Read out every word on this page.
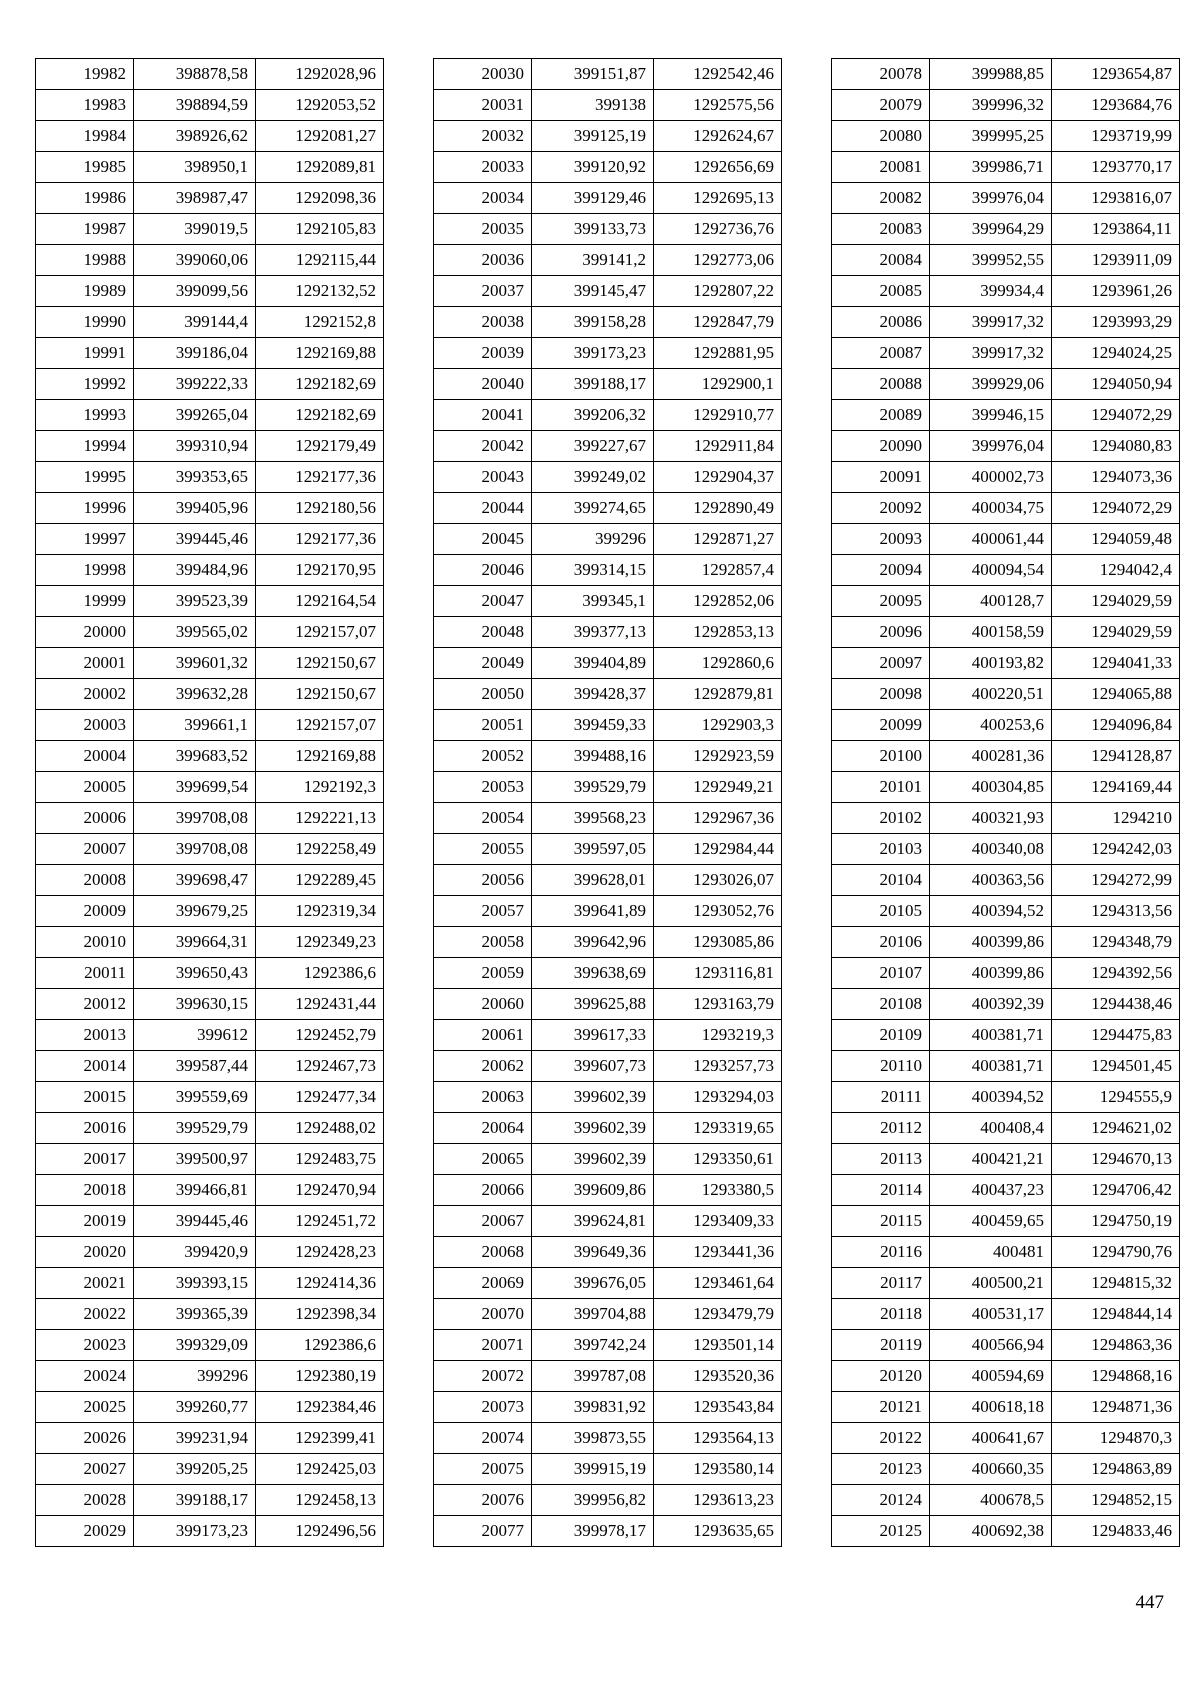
19982	398878,58	1292028,96
19983	398894,59	1292053,52
19984	398926,62	1292081,27
19985	398950,1	1292089,81
19986	398987,47	1292098,36
19987	399019,5	1292105,83
19988	399060,06	1292115,44
19989	399099,56	1292132,52
19990	399144,4	1292152,8
19991	399186,04	1292169,88
19992	399222,33	1292182,69
19993	399265,04	1292182,69
19994	399310,94	1292179,49
19995	399353,65	1292177,36
19996	399405,96	1292180,56
19997	399445,46	1292177,36
19998	399484,96	1292170,95
19999	399523,39	1292164,54
20000	399565,02	1292157,07
20001	399601,32	1292150,67
20002	399632,28	1292150,67
20003	399661,1	1292157,07
20004	399683,52	1292169,88
20005	399699,54	1292192,3
20006	399708,08	1292221,13
20007	399708,08	1292258,49
20008	399698,47	1292289,45
20009	399679,25	1292319,34
20010	399664,31	1292349,23
20011	399650,43	1292386,6
20012	399630,15	1292431,44
20013	399612	1292452,79
20014	399587,44	1292467,73
20015	399559,69	1292477,34
20016	399529,79	1292488,02
20017	399500,97	1292483,75
20018	399466,81	1292470,94
20019	399445,46	1292451,72
20020	399420,9	1292428,23
20021	399393,15	1292414,36
20022	399365,39	1292398,34
20023	399329,09	1292386,6
20024	399296	1292380,19
20025	399260,77	1292384,46
20026	399231,94	1292399,41
20027	399205,25	1292425,03
20028	399188,17	1292458,13
20029	399173,23	1292496,56
20030	399151,87	1292542,46
20031	399138	1292575,56
20032	399125,19	1292624,67
20033	399120,92	1292656,69
20034	399129,46	1292695,13
20035	399133,73	1292736,76
20036	399141,2	1292773,06
20037	399145,47	1292807,22
20038	399158,28	1292847,79
20039	399173,23	1292881,95
20040	399188,17	1292900,1
20041	399206,32	1292910,77
20042	399227,67	1292911,84
20043	399249,02	1292904,37
20044	399274,65	1292890,49
20045	399296	1292871,27
20046	399314,15	1292857,4
20047	399345,1	1292852,06
20048	399377,13	1292853,13
20049	399404,89	1292860,6
20050	399428,37	1292879,81
20051	399459,33	1292903,3
20052	399488,16	1292923,59
20053	399529,79	1292949,21
20054	399568,23	1292967,36
20055	399597,05	1292984,44
20056	399628,01	1293026,07
20057	399641,89	1293052,76
20058	399642,96	1293085,86
20059	399638,69	1293116,81
20060	399625,88	1293163,79
20061	399617,33	1293219,3
20062	399607,73	1293257,73
20063	399602,39	1293294,03
20064	399602,39	1293319,65
20065	399602,39	1293350,61
20066	399609,86	1293380,5
20067	399624,81	1293409,33
20068	399649,36	1293441,36
20069	399676,05	1293461,64
20070	399704,88	1293479,79
20071	399742,24	1293501,14
20072	399787,08	1293520,36
20073	399831,92	1293543,84
20074	399873,55	1293564,13
20075	399915,19	1293580,14
20076	399956,82	1293613,23
20077	399978,17	1293635,65
20078	399988,85	1293654,87
20079	399996,32	1293684,76
20080	399995,25	1293719,99
20081	399986,71	1293770,17
20082	399976,04	1293816,07
20083	399964,29	1293864,11
20084	399952,55	1293911,09
20085	399934,4	1293961,26
20086	399917,32	1293993,29
20087	399917,32	1294024,25
20088	399929,06	1294050,94
20089	399946,15	1294072,29
20090	399976,04	1294080,83
20091	400002,73	1294073,36
20092	400034,75	1294072,29
20093	400061,44	1294059,48
20094	400094,54	1294042,4
20095	400128,7	1294029,59
20096	400158,59	1294029,59
20097	400193,82	1294041,33
20098	400220,51	1294065,88
20099	400253,6	1294096,84
20100	400281,36	1294128,87
20101	400304,85	1294169,44
20102	400321,93	1294210
20103	400340,08	1294242,03
20104	400363,56	1294272,99
20105	400394,52	1294313,56
20106	400399,86	1294348,79
20107	400399,86	1294392,56
20108	400392,39	1294438,46
20109	400381,71	1294475,83
20110	400381,71	1294501,45
20111	400394,52	1294555,9
20112	400408,4	1294621,02
20113	400421,21	1294670,13
20114	400437,23	1294706,42
20115	400459,65	1294750,19
20116	400481	1294790,76
20117	400500,21	1294815,32
20118	400531,17	1294844,14
20119	400566,94	1294863,36
20120	400594,69	1294868,16
20121	400618,18	1294871,36
20122	400641,67	1294870,3
20123	400660,35	1294863,89
20124	400678,5	1294852,15
20125	400692,38	1294833,46
447
